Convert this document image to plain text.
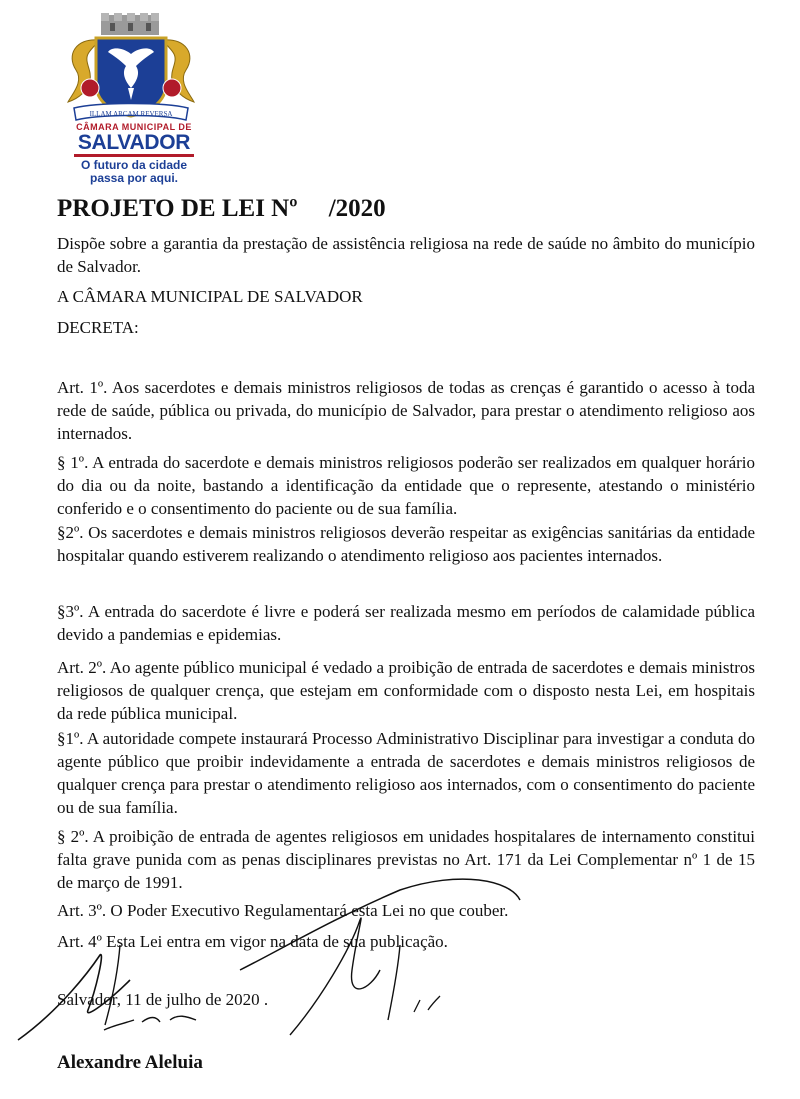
ILLAM ARCAM REVERSA

CÂMARA MUNICIPAL DE

SALVADOR

O futuro da cidade

passa por aqui.

PROJETO DE LEI Nº     /2020

Dispõe sobre a garantia da prestação de assistência religiosa na rede de saúde no âmbito do município de Salvador.

A CÂMARA MUNICIPAL DE SALVADOR

DECRETA:

Art. 1º. Aos sacerdotes e demais ministros religiosos de todas as crenças é garantido o acesso à toda rede de saúde, pública ou privada, do município de Salvador, para prestar o atendimento religioso aos internados.

§ 1º. A entrada do sacerdote e demais ministros religiosos poderão ser realizados em qualquer horário do dia ou da noite, bastando a identificação da entidade que o represente, atestando o ministério conferido e o consentimento do paciente ou de sua família.

§2º. Os sacerdotes e demais ministros religiosos deverão respeitar as exigências sanitárias da entidade hospitalar quando estiverem realizando o atendimento religioso aos pacientes internados.

§3º. A entrada do sacerdote é livre e poderá ser realizada mesmo em períodos de calamidade pública devido a pandemias e epidemias.

Art. 2º. Ao agente público municipal é vedado a proibição de entrada de sacerdotes e demais ministros religiosos de qualquer crença, que estejam em conformidade com o disposto nesta Lei, em hospitais da rede pública municipal.

§1º. A autoridade compete instaurará Processo Administrativo Disciplinar para investigar a conduta do agente público que proibir indevidamente a entrada de sacerdotes e demais ministros religiosos de qualquer crença para prestar o atendimento religioso aos internados, com o consentimento do paciente ou de sua família.

§ 2º. A proibição de entrada de agentes religiosos em unidades hospitalares de internamento constitui falta grave punida com as penas disciplinares previstas no Art. 171 da Lei Complementar nº 1 de 15 de março de 1991.

Art. 3º. O Poder Executivo Regulamentará esta Lei no que couber.

Art. 4º Esta Lei entra em vigor na data de sua publicação.

Salvador, 11 de julho de 2020 .

Alexandre Aleluia
